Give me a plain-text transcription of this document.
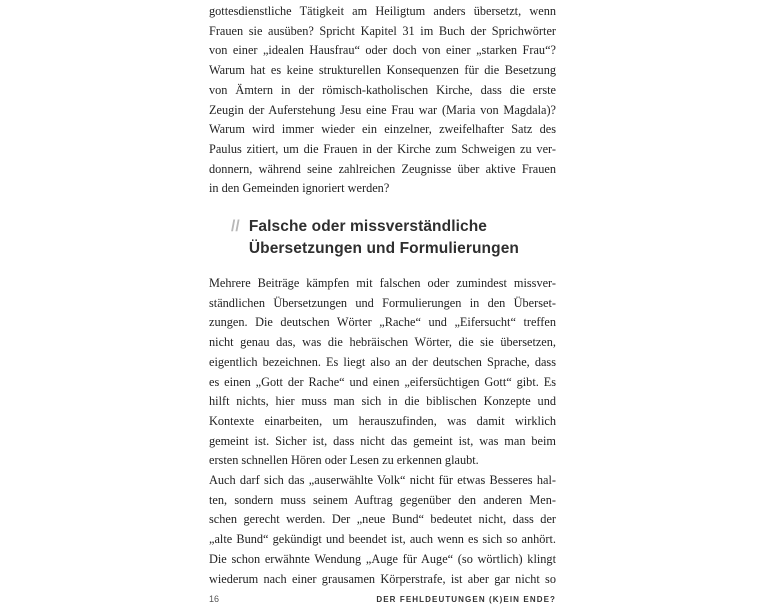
gottesdienstliche Tätigkeit am Heiligtum anders übersetzt, wenn
Frauen sie ausüben? Spricht Kapitel 31 im Buch der Sprichwörter
von einer „idealen Hausfrau“ oder doch von einer „starken Frau“?
Warum hat es keine strukturellen Konsequenzen für die Besetzung
von Ämtern in der römisch-katholischen Kirche, dass die erste
Zeugin der Auferstehung Jesu eine Frau war (Maria von Magdala)?
Warum wird immer wieder ein einzelner, zweifelhafter Satz des
Paulus zitiert, um die Frauen in der Kirche zum Schweigen zu ver-
donnern, während seine zahlreichen Zeugnisse über aktive Frauen
in den Gemeinden ignoriert werden?
// Falsche oder missverständliche
Übersetzungen und Formulierungen
Mehrere Beiträge kämpfen mit falschen oder zumindest missver-
ständlichen Übersetzungen und Formulierungen in den Überset-
zungen. Die deutschen Wörter „Rache“ und „Eifersucht“ treffen
nicht genau das, was die hebräischen Wörter, die sie übersetzen,
eigentlich bezeichnen. Es liegt also an der deutschen Sprache, dass
es einen „Gott der Rache“ und einen „eifersüchtigen Gott“ gibt. Es
hilft nichts, hier muss man sich in die biblischen Konzepte und
Kontexte einarbeiten, um herauszufinden, was damit wirklich
gemeint ist. Sicher ist, dass nicht das gemeint ist, was man beim
ersten schnellen Hören oder Lesen zu erkennen glaubt.
Auch darf sich das „auserwählte Volk“ nicht für etwas Besseres hal-
ten, sondern muss seinem Auftrag gegenüber den anderen Men-
schen gerecht werden. Der „neue Bund“ bedeutet nicht, dass der
„alte Bund“ gekündigt und beendet ist, auch wenn es sich so anhört.
Die schon erwähnte Wendung „Auge für Auge“ (so wörtlich) klingt
wiederum nach einer grausamen Körperstrafe, ist aber gar nicht so
16	DER FEHLDEUTUNGEN (K)EIN ENDE?
